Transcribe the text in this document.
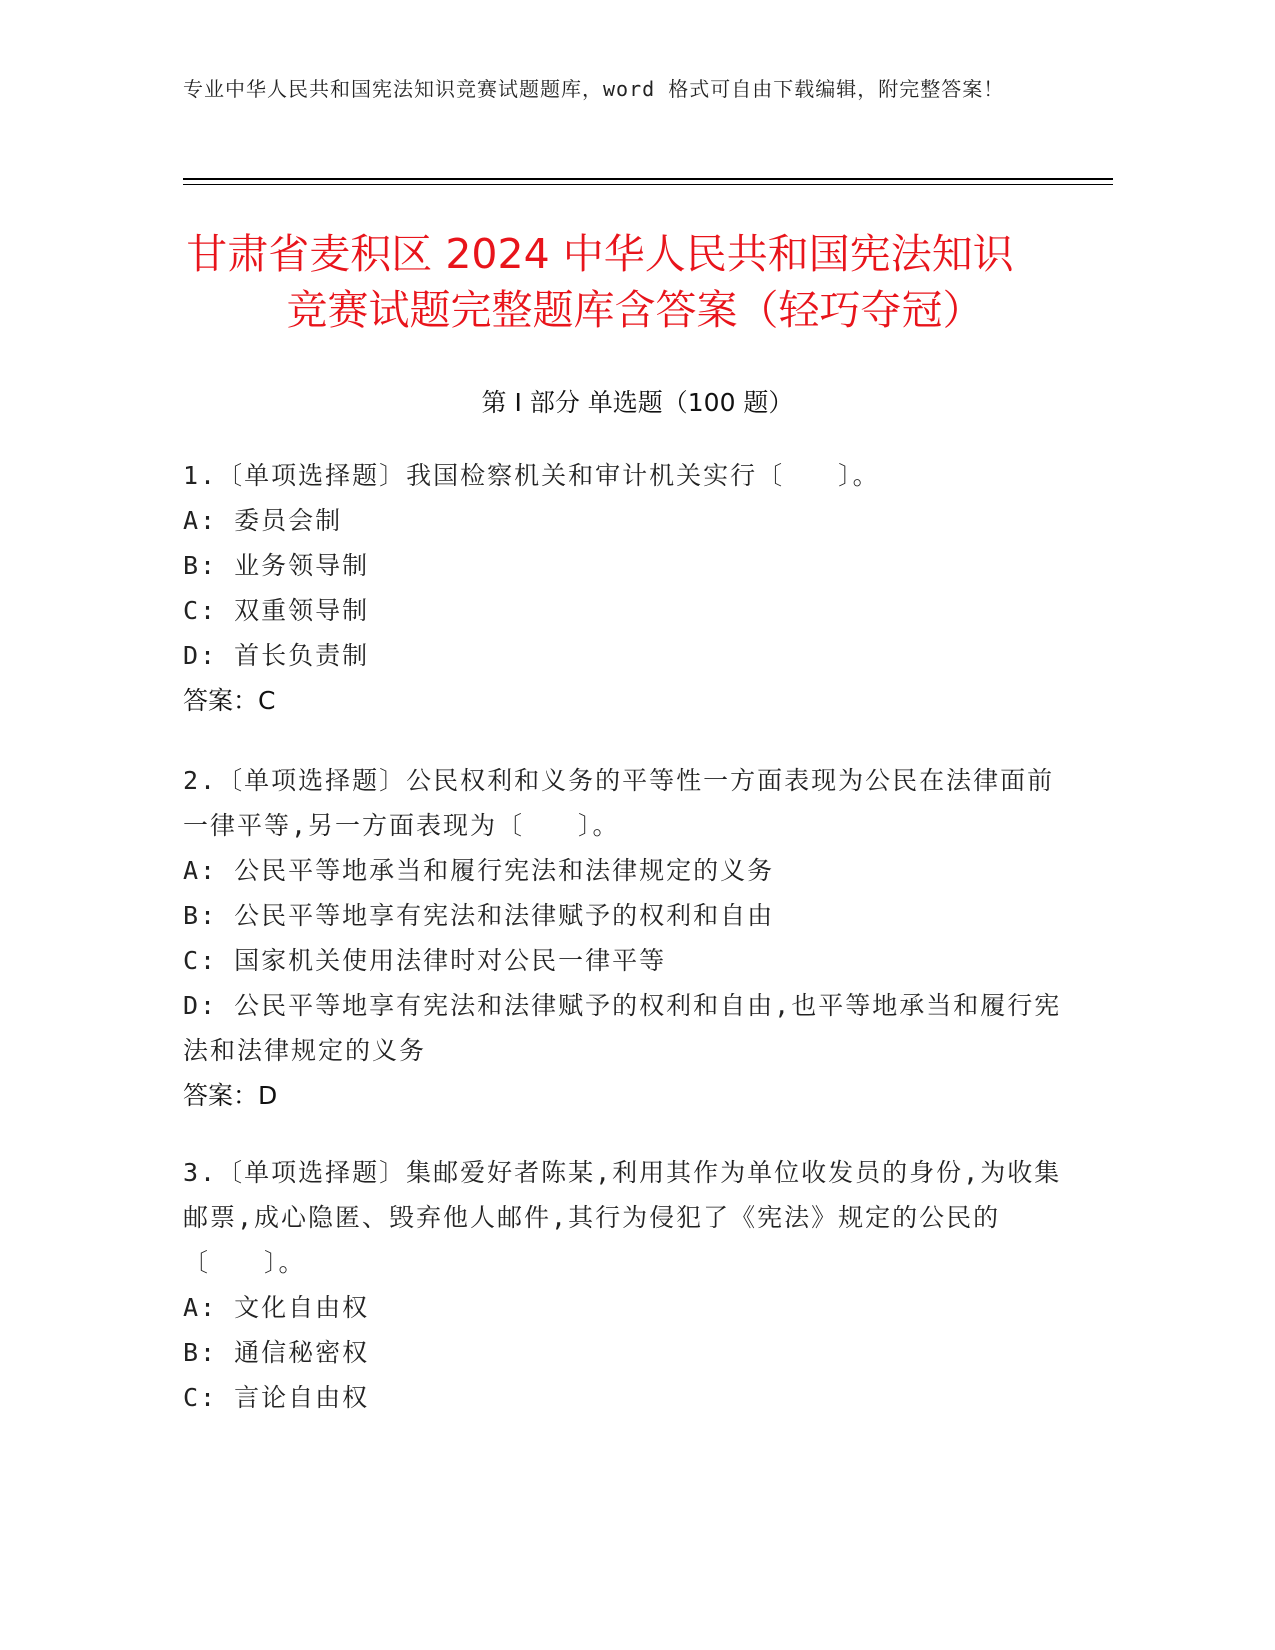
专业中华人民共和国宪法知识竞赛试题题库，word 格式可自由下载编辑，附完整答案！
甘肃省麦积区 2024 中华人民共和国宪法知识
竞赛试题完整题库含答案（轻巧夺冠）
第 I 部分 单选题（100 题）

1.〔单项选择题〕我国检察机关和审计机关实行〔　　〕。

A: 委员会制

B: 业务领导制

C: 双重领导制

D: 首长负责制

答案：C

2.〔单项选择题〕公民权利和义务的平等性一方面表现为公民在法律面前一律平等,另一方面表现为〔　　〕。

A: 公民平等地承当和履行宪法和法律规定的义务

B: 公民平等地享有宪法和法律赋予的权利和自由

C: 国家机关使用法律时对公民一律平等

D: 公民平等地享有宪法和法律赋予的权利和自由,也平等地承当和履行宪法和法律规定的义务

答案：D

3.〔单项选择题〕集邮爱好者陈某,利用其作为单位收发员的身份,为收集邮票,成心隐匿、毁弃他人邮件,其行为侵犯了《宪法》规定的公民的〔　　〕。

A: 文化自由权

B: 通信秘密权

C: 言论自由权
